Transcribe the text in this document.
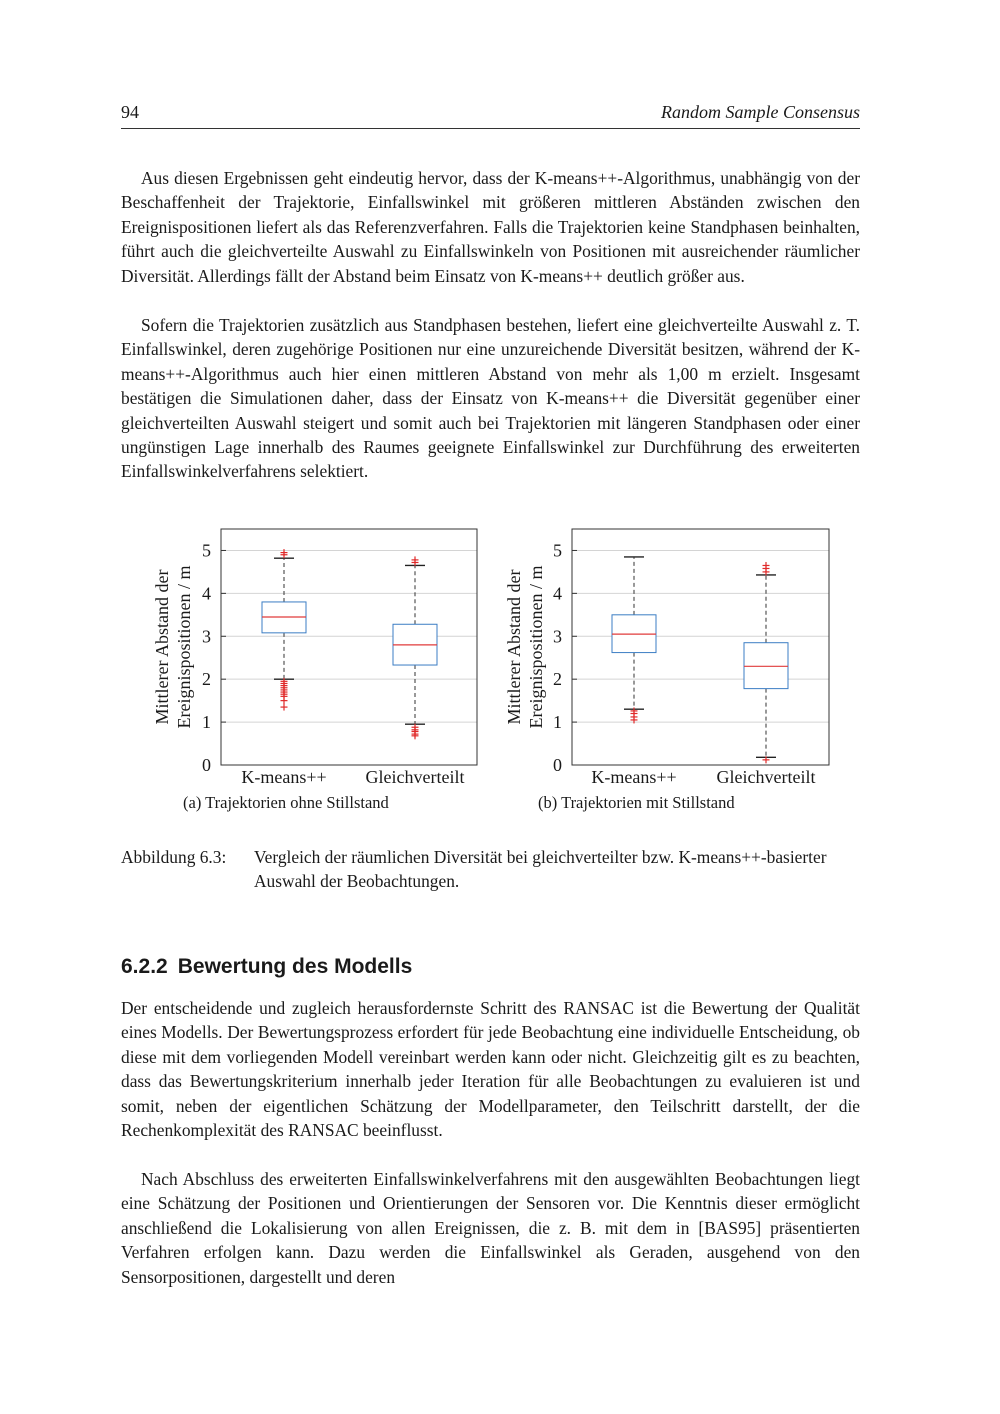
94	Random Sample Consensus

Aus diesen Ergebnissen geht eindeutig hervor, dass der K-means++-Algorithmus, unabhängig von der Beschaffenheit der Trajektorie, Einfallswinkel mit größeren mittleren Abständen zwischen den Ereignispositionen liefert als das Referenzverfahren. Falls die Trajektorien keine Standphasen beinhalten, führt auch die gleichverteilte Auswahl zu Einfallswinkeln von Positionen mit ausreichender räumlicher Diversität. Allerdings fällt der Abstand beim Einsatz von K-means++ deutlich größer aus.

Sofern die Trajektorien zusätzlich aus Standphasen bestehen, liefert eine gleichverteilte Auswahl z. T. Einfallswinkel, deren zugehörige Positionen nur eine unzureichende Diversität besitzen, während der K-means++-Algorithmus auch hier einen mittleren Abstand von mehr als 1,00 m erzielt. Insgesamt bestätigen die Simulationen daher, dass der Einsatz von K-means++ die Diversität gegenüber einer gleichverteilten Auswahl steigert und somit auch bei Trajektorien mit längeren Standphasen oder einer ungünstigen Lage innerhalb des Raumes geeignete Einfallswinkel zur Durchführung des erweiterten Einfallswinkelverfahrens selektiert.

0
1
2
3
4
5
Mittlerer Abstand der Ereignispositionen / m
K-means++ Gleichverteilt
0
1
2
3
4
5
Mittlerer Abstand der Ereignispositionen / m
K-means++ Gleichverteilt
(a) Trajektorien ohne Stillstand	(b) Trajektorien mit Stillstand
Abbildung 6.3: Vergleich der räumlichen Diversität bei gleichverteilter bzw. K-means++-basierter Auswahl der Beobachtungen.
6.2.2 Bewertung des Modells

Der entscheidende und zugleich herausfordernste Schritt des RANSAC ist die Bewertung der Qualität eines Modells. Der Bewertungsprozess erfordert für jede Beobachtung eine individuelle Entscheidung, ob diese mit dem vorliegenden Modell vereinbart werden kann oder nicht. Gleichzeitig gilt es zu beachten, dass das Bewertungskriterium innerhalb jeder Iteration für alle Beobachtungen zu evaluieren ist und somit, neben der eigentlichen Schätzung der Modellparameter, den Teilschritt darstellt, der die Rechenkomplexität des RANSAC beeinflusst.

Nach Abschluss des erweiterten Einfallswinkelverfahrens mit den ausgewählten Beobachtungen liegt eine Schätzung der Positionen und Orientierungen der Sensoren vor. Die Kenntnis dieser ermöglicht anschließend die Lokalisierung von allen Ereignissen, die z. B. mit dem in [BAS95] präsentierten Verfahren erfolgen kann. Dazu werden die Einfallswinkel als Geraden, ausgehend von den Sensorpositionen, dargestellt und deren
